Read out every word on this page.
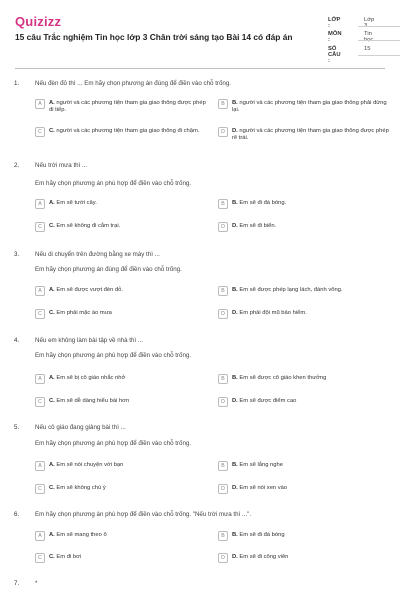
Quizizz
15 câu Trắc nghiệm Tin học lớp 3 Chân trời sáng tạo Bài 14 có đáp án
LỚP :
Lớp
MÔN :
Tin
SỐ CÂU :
15
1.	Nếu đèn đỏ thì ... Em hãy chọn phương án đúng để điền vào chỗ trống.
A	A. người và các phương tiện tham gia giao thông được phép đi tiếp.
B	B. người và các phương tiện tham gia giao thông phải dừng lại.
C	C. người và các phương tiện tham gia giao thông đi chậm.	D	D. người và các phương tiện tham gia giao thông được phép rẽ trái.
2.	Nếu trời mưa thì ...
Em hãy chọn phương án phù hợp để điền vào chỗ trống.
A	A. Em sẽ tưới cây.	B	B. Em sẽ đi đá bóng.
C	C. Em sẽ không đi cắm trại.	D	D. Em sẽ đi biển.
3.	Nếu di chuyển trên đường bằng xe máy thì ...
Em hãy chọn phương án đúng để điền vào chỗ trống.
A	A. Em sẽ được vượt đèn đỏ.	B	B. Em sẽ được phép lạng lách, đánh võng.
C	C. Em phải mặc áo mưa	D	D. Em phải đội mũ bảo hiểm.
4.	Nếu em không làm bài tập về nhà thì ...
Em hãy chọn phương án phù hợp để điền vào chỗ trống.
A	A. Em sẽ bị cô giáo nhắc nhở	B	B. Em sẽ được cô giáo khen thưởng
C	C. Em sẽ dễ dàng hiểu bài hơn	D	D. Em sẽ được điểm cao
5.	Nếu cô giáo đang giảng bài thì ...
Em hãy chọn phương án phù hợp để điền vào chỗ trống.
A	A. Em sẽ nói chuyện với bạn	B	B. Em sẽ lắng nghe
C	C. Em sẽ không chú ý	D	D. Em sẽ nói xen vào
6.	Em hãy chọn phương án phù hợp để điền vào chỗ trống. "Nếu trời mưa thì ...".
A	A. Em sẽ mang theo ô	B	B. Em sẽ đi đá bóng
C	C. Em đi bơi	D	D. Em sẽ đi công viên
7.	*
